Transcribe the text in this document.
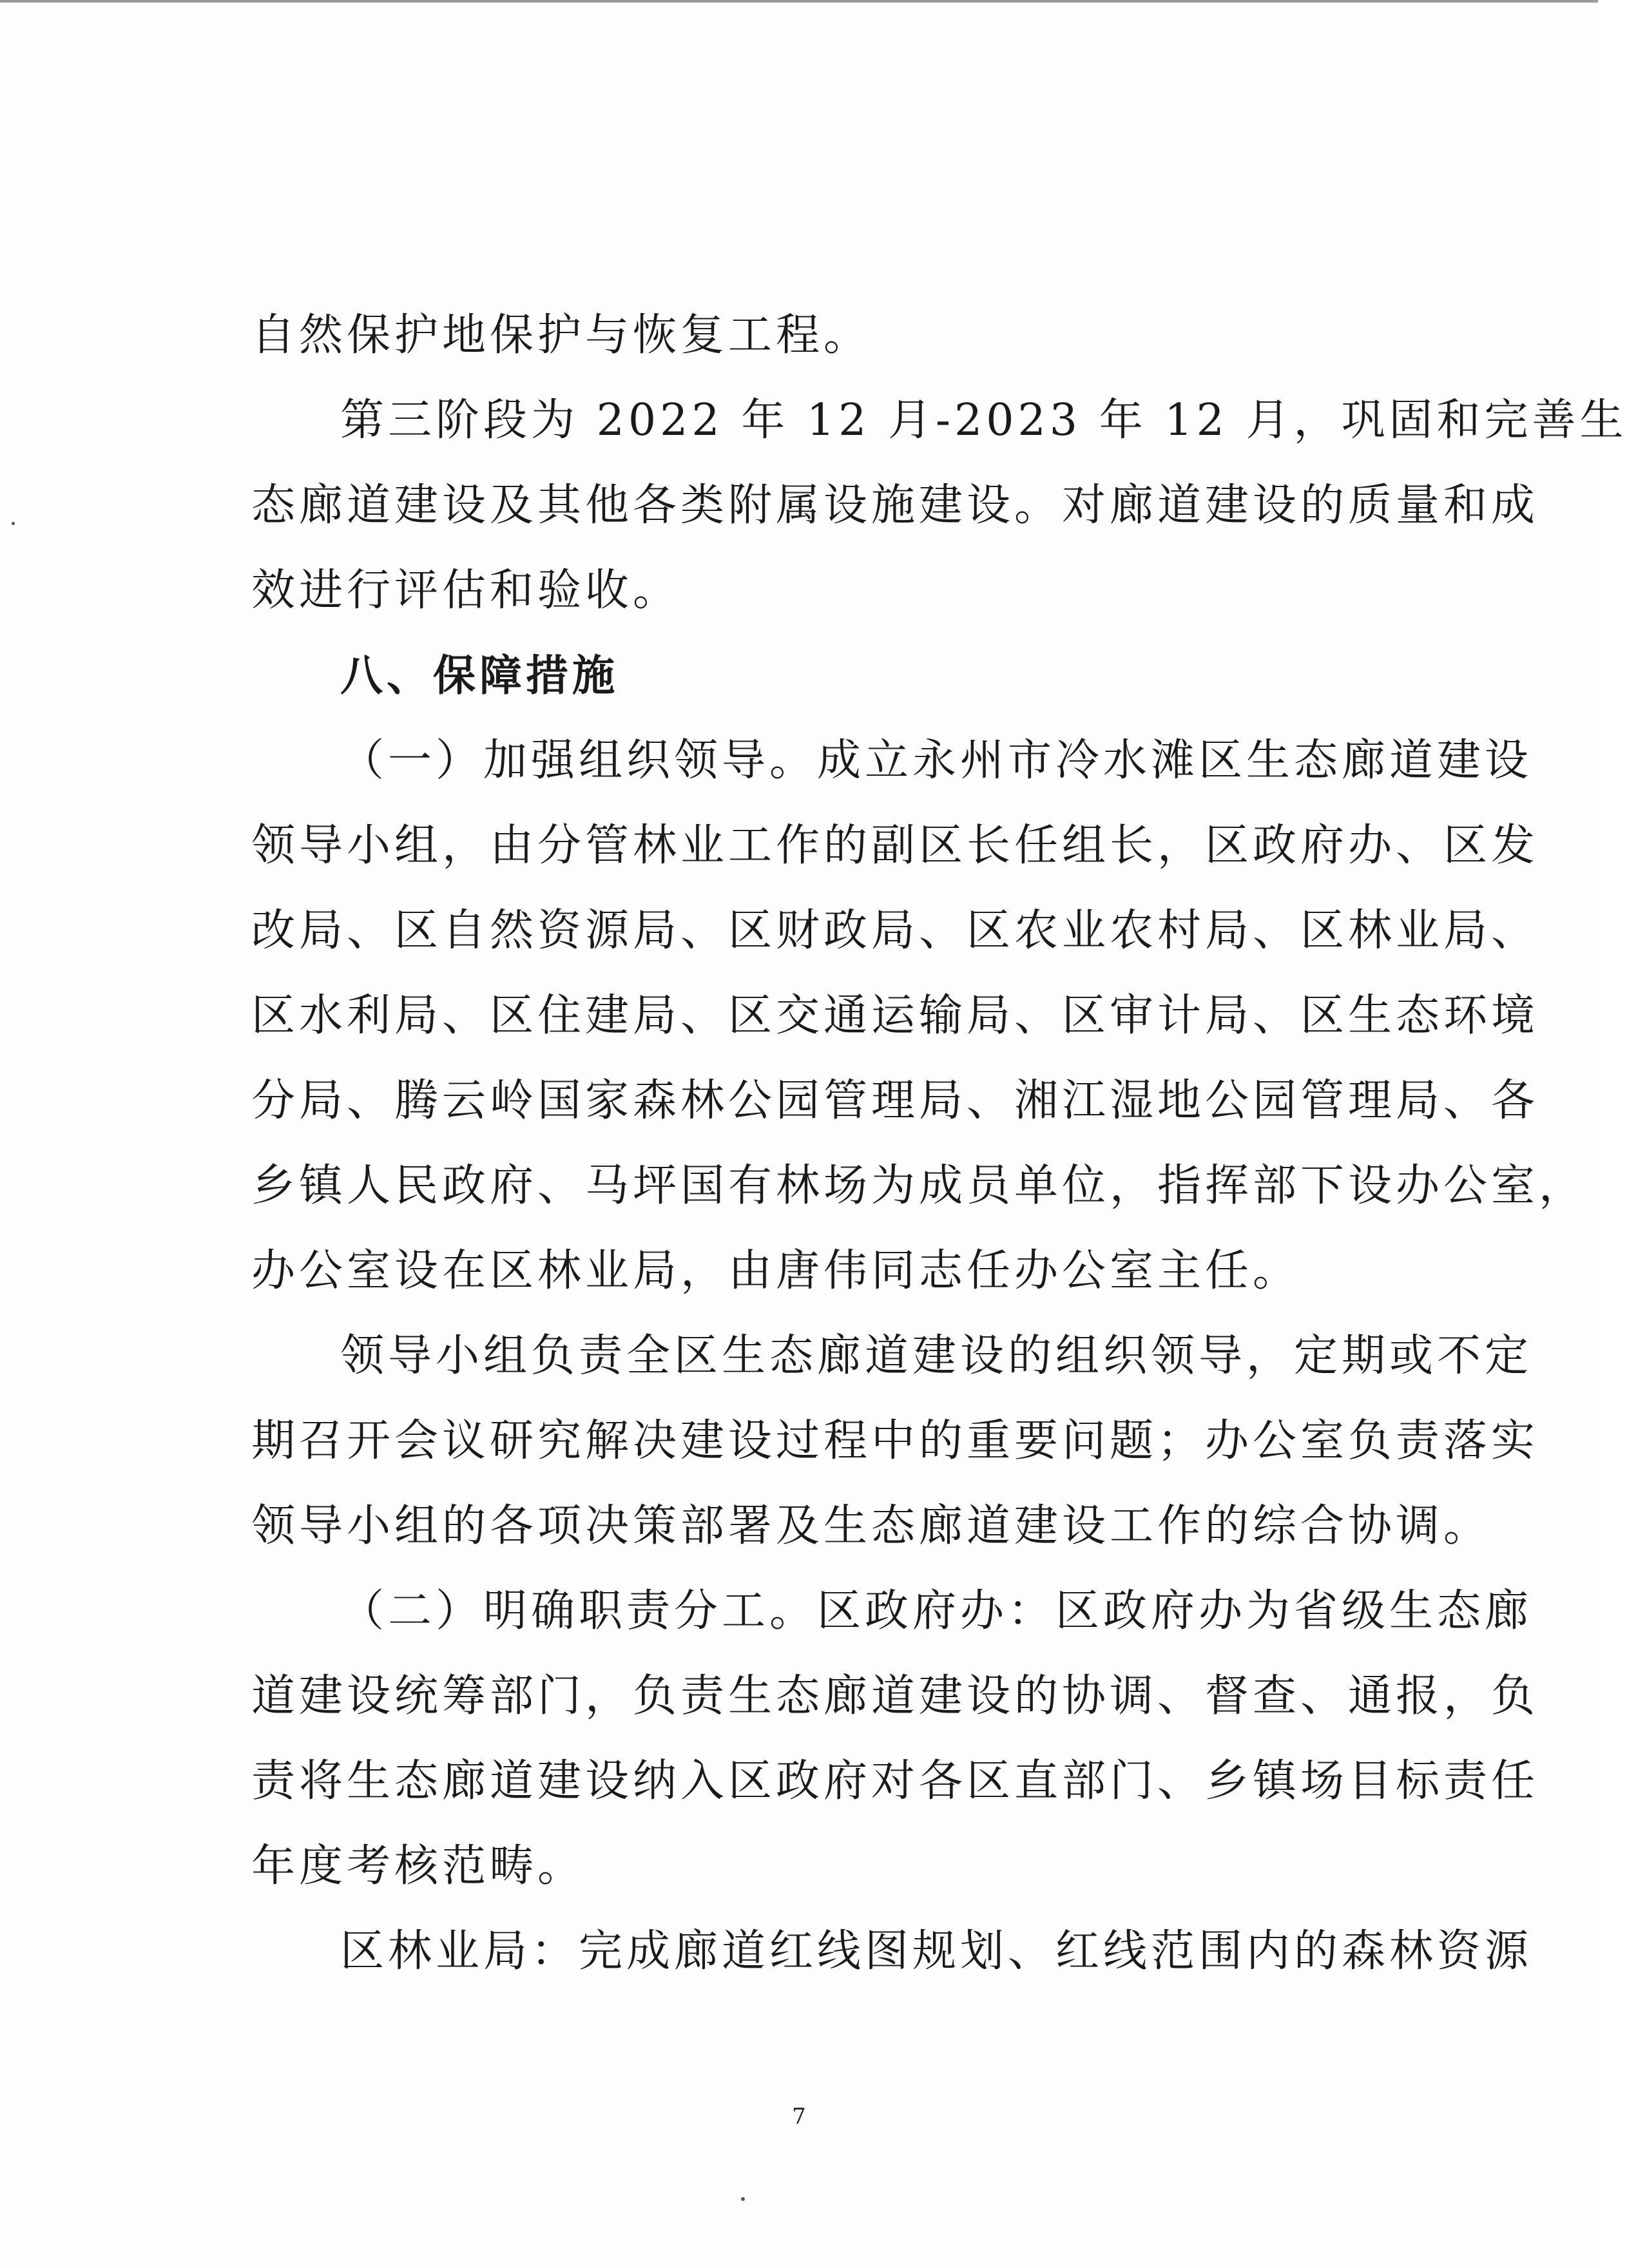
自然保护地保护与恢复工程。
第三阶段为 2022 年 12 月-2023 年 12 月，巩固和完善生
态廊道建设及其他各类附属设施建设。对廊道建设的质量和成
效进行评估和验收。
八、保障措施
（一）加强组织领导。成立永州市冷水滩区生态廊道建设
领导小组，由分管林业工作的副区长任组长，区政府办、区发
改局、区自然资源局、区财政局、区农业农村局、区林业局、
区水利局、区住建局、区交通运输局、区审计局、区生态环境
分局、腾云岭国家森林公园管理局、湘江湿地公园管理局、各
乡镇人民政府、马坪国有林场为成员单位，指挥部下设办公室，
办公室设在区林业局，由唐伟同志任办公室主任。
领导小组负责全区生态廊道建设的组织领导，定期或不定
期召开会议研究解决建设过程中的重要问题；办公室负责落实
领导小组的各项决策部署及生态廊道建设工作的综合协调。
（二）明确职责分工。区政府办：区政府办为省级生态廊
道建设统筹部门，负责生态廊道建设的协调、督查、通报，负
责将生态廊道建设纳入区政府对各区直部门、乡镇场目标责任
年度考核范畴。
区林业局：完成廊道红线图规划、红线范围内的森林资源
7
